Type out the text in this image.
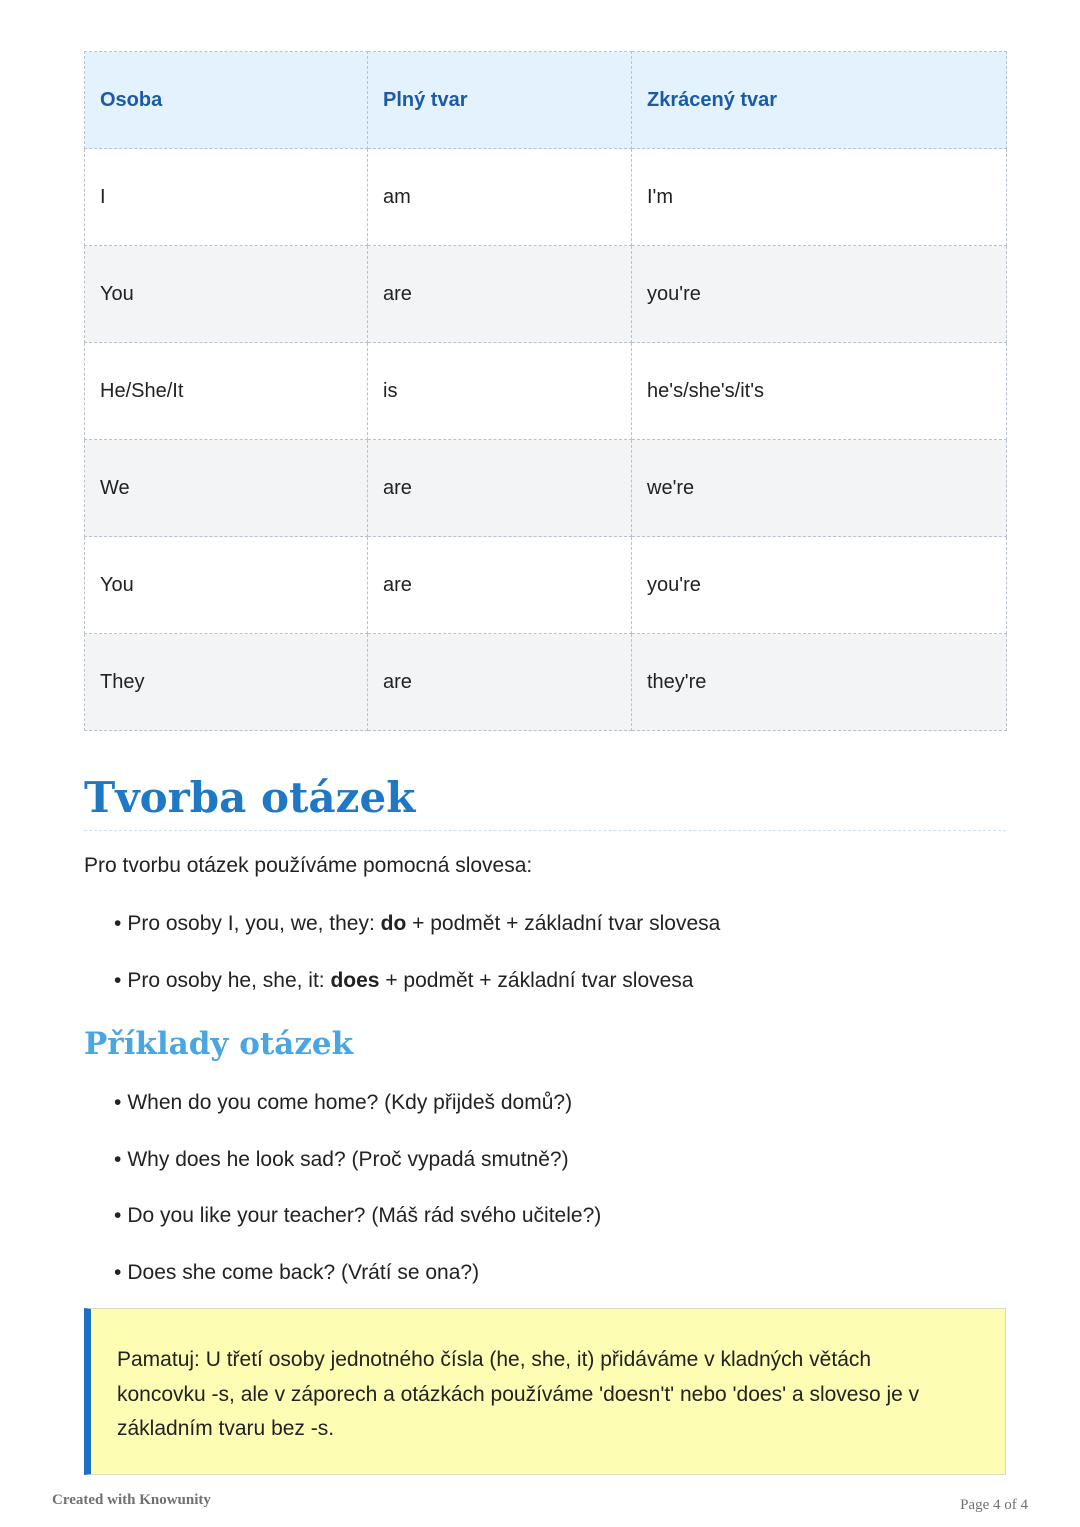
Osoba	Plný tvar	Zkrácený tvar
I	am	I'm
You	are	you're
He/She/It	is	he's/she's/it's
We	are	we're
You	are	you're
They	are	they're
Tvorba otázek

Pro tvorbu otázek používáme pomocná slovesa:

• Pro osoby I, you, we, they: do + podmět + základní tvar slovesa
• Pro osoby he, she, it: does + podmět + základní tvar slovesa
Příklady otázek
• When do you come home? (Kdy přijdeš domů?)
• Why does he look sad? (Proč vypadá smutně?)
• Do you like your teacher? (Máš rád svého učitele?)
• Does she come back? (Vrátí se ona?)

Pamatuj: U třetí osoby jednotného čísla (he, she, it) přidáváme v kladných větách koncovku -s, ale v záporech a otázkách používáme 'doesn't' nebo 'does' a sloveso je v základním tvaru bez -s.

Created with Knowunity	Page 4 of 4
